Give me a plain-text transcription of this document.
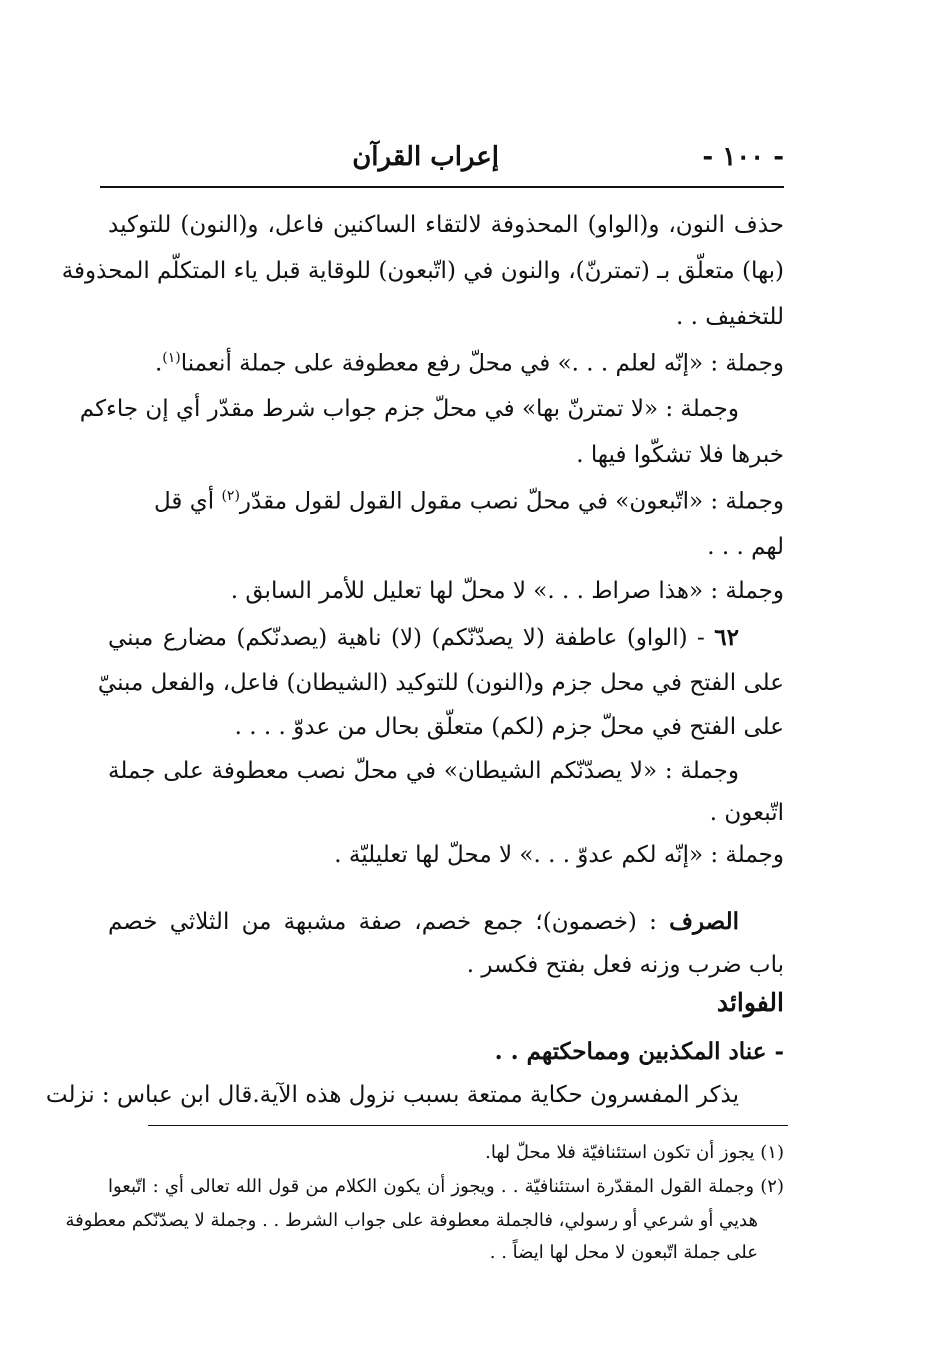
- ١٠٠ -
إعراب القرآن
حذف النون، و(الواو) المحذوفة لالتقاء الساكنين فاعل، و(النون) للتوكيد
(بها) متعلّق بـ (تمترنّ)، والنون في (اتّبعون) للوقاية قبل ياء المتكلّم المحذوفة
للتخفيف . .
وجملة : «إنّه لعلم . . .» في محلّ رفع معطوفة على جملة أنعمنا$^{(١)}$.
وجملة : «لا تمترنّ بها» في محلّ جزم جواب شرط مقدّر أي إن جاءكم
خبرها فلا تشكّوا فيها .
وجملة : «اتّبعون» في محلّ نصب مقول القول لقول مقدّر$^{(٢)}$ أي قل
لهم . . .
وجملة : «هذا صراط . . .» لا محلّ لها تعليل للأمر السابق .
٦٢ - (الواو) عاطفة (لا يصدّنّكم) (لا) ناهية (يصدنّكم) مضارع مبني
على الفتح في محل جزم و(النون) للتوكيد (الشيطان) فاعل، والفعل مبنيّ
على الفتح في محلّ جزم (لكم) متعلّق بحال من عدوّ . . . .
وجملة : «لا يصدّنّكم الشيطان» في محلّ نصب معطوفة على جملة
اتّبعون .
وجملة : «إنّه لكم عدوّ . . .» لا محلّ لها تعليليّة .
الصرف : (خصمون)؛ جمع خصم، صفة مشبهة من الثلاثي خصم
باب ضرب وزنه فعل بفتح فكسر .
الفوائد
- عناد المكذبين ومماحكتهم . .
يذكر المفسرون حكاية ممتعة بسبب نزول هذه الآية.قال ابن عباس : نزلت
(١) يجوز أن تكون استئنافيّة فلا محلّ لها.
(٢) وجملة القول المقدّرة استئنافيّة . . ويجوز أن يكون الكلام من قول الله تعالى أي : اتّبعوا
هديي أو شرعي أو رسولي، فالجملة معطوفة على جواب الشرط . . وجملة لا يصدّنّكم معطوفة
على جملة اتّبعون لا محل لها ايضاً . .
